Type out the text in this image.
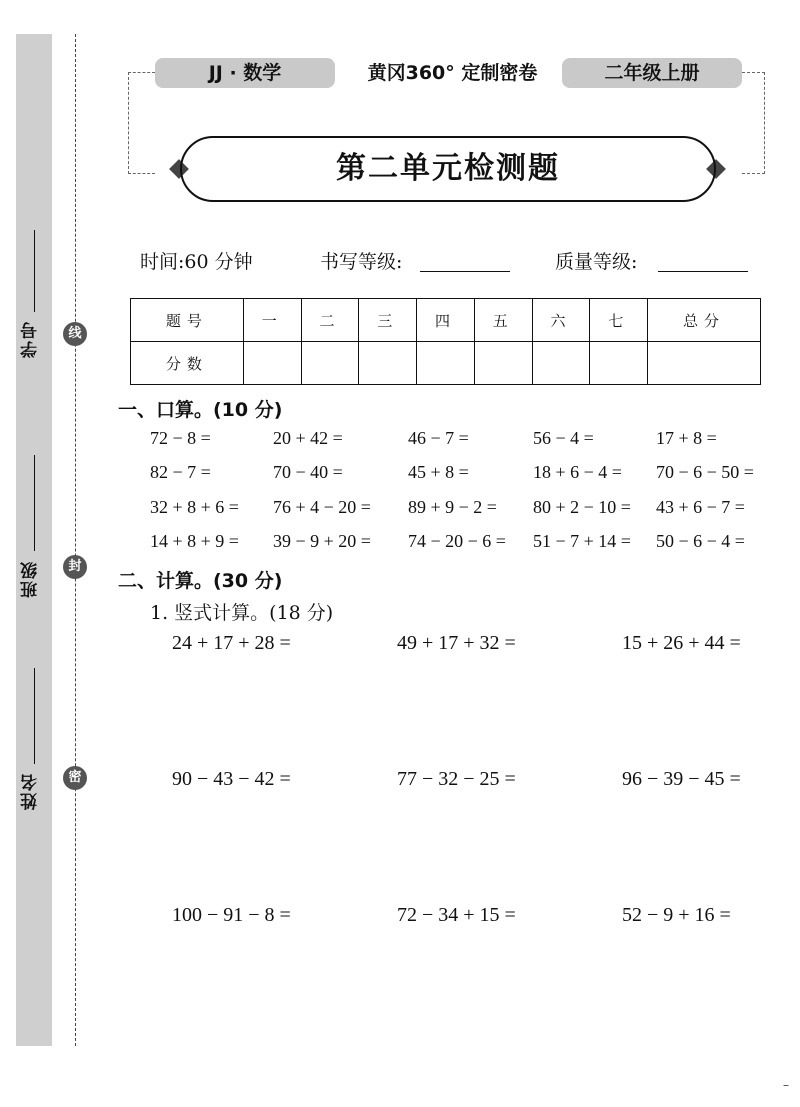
学号
班级
姓名
线
封
密
JJ · 数学	黄冈360° 定制密卷	二年级上册
第二单元检测题
时间:60 分钟	书写等级:	质量等级:
题号	一	二	三	四	五	六	七	总分
分数								
一、口算。(10 分)
72 − 8 =	20 + 42 =	46 − 7 =	56 − 4 =	17 + 8 =
82 − 7 =	70 − 40 =	45 + 8 =	18 + 6 − 4 = 70 − 6 − 50 =
32 + 8 + 6 = 76 + 4 − 20 = 89 + 9 − 2 = 80 + 2 − 10 = 43 + 6 − 7 =
14 + 8 + 9 = 39 − 9 + 20 = 74 − 20 − 6 = 51 − 7 + 14 = 50 − 6 − 4 =
二、计算。(30 分)
1. 竖式计算。(18 分)
24 + 17 + 28 =	49 + 17 + 32 =	15 + 26 + 44 =
90 − 43 − 42 =	77 − 32 − 25 =	96 − 39 − 45 =
100 − 91 − 8 =	72 − 34 + 15 =	52 − 9 + 16 =
–
